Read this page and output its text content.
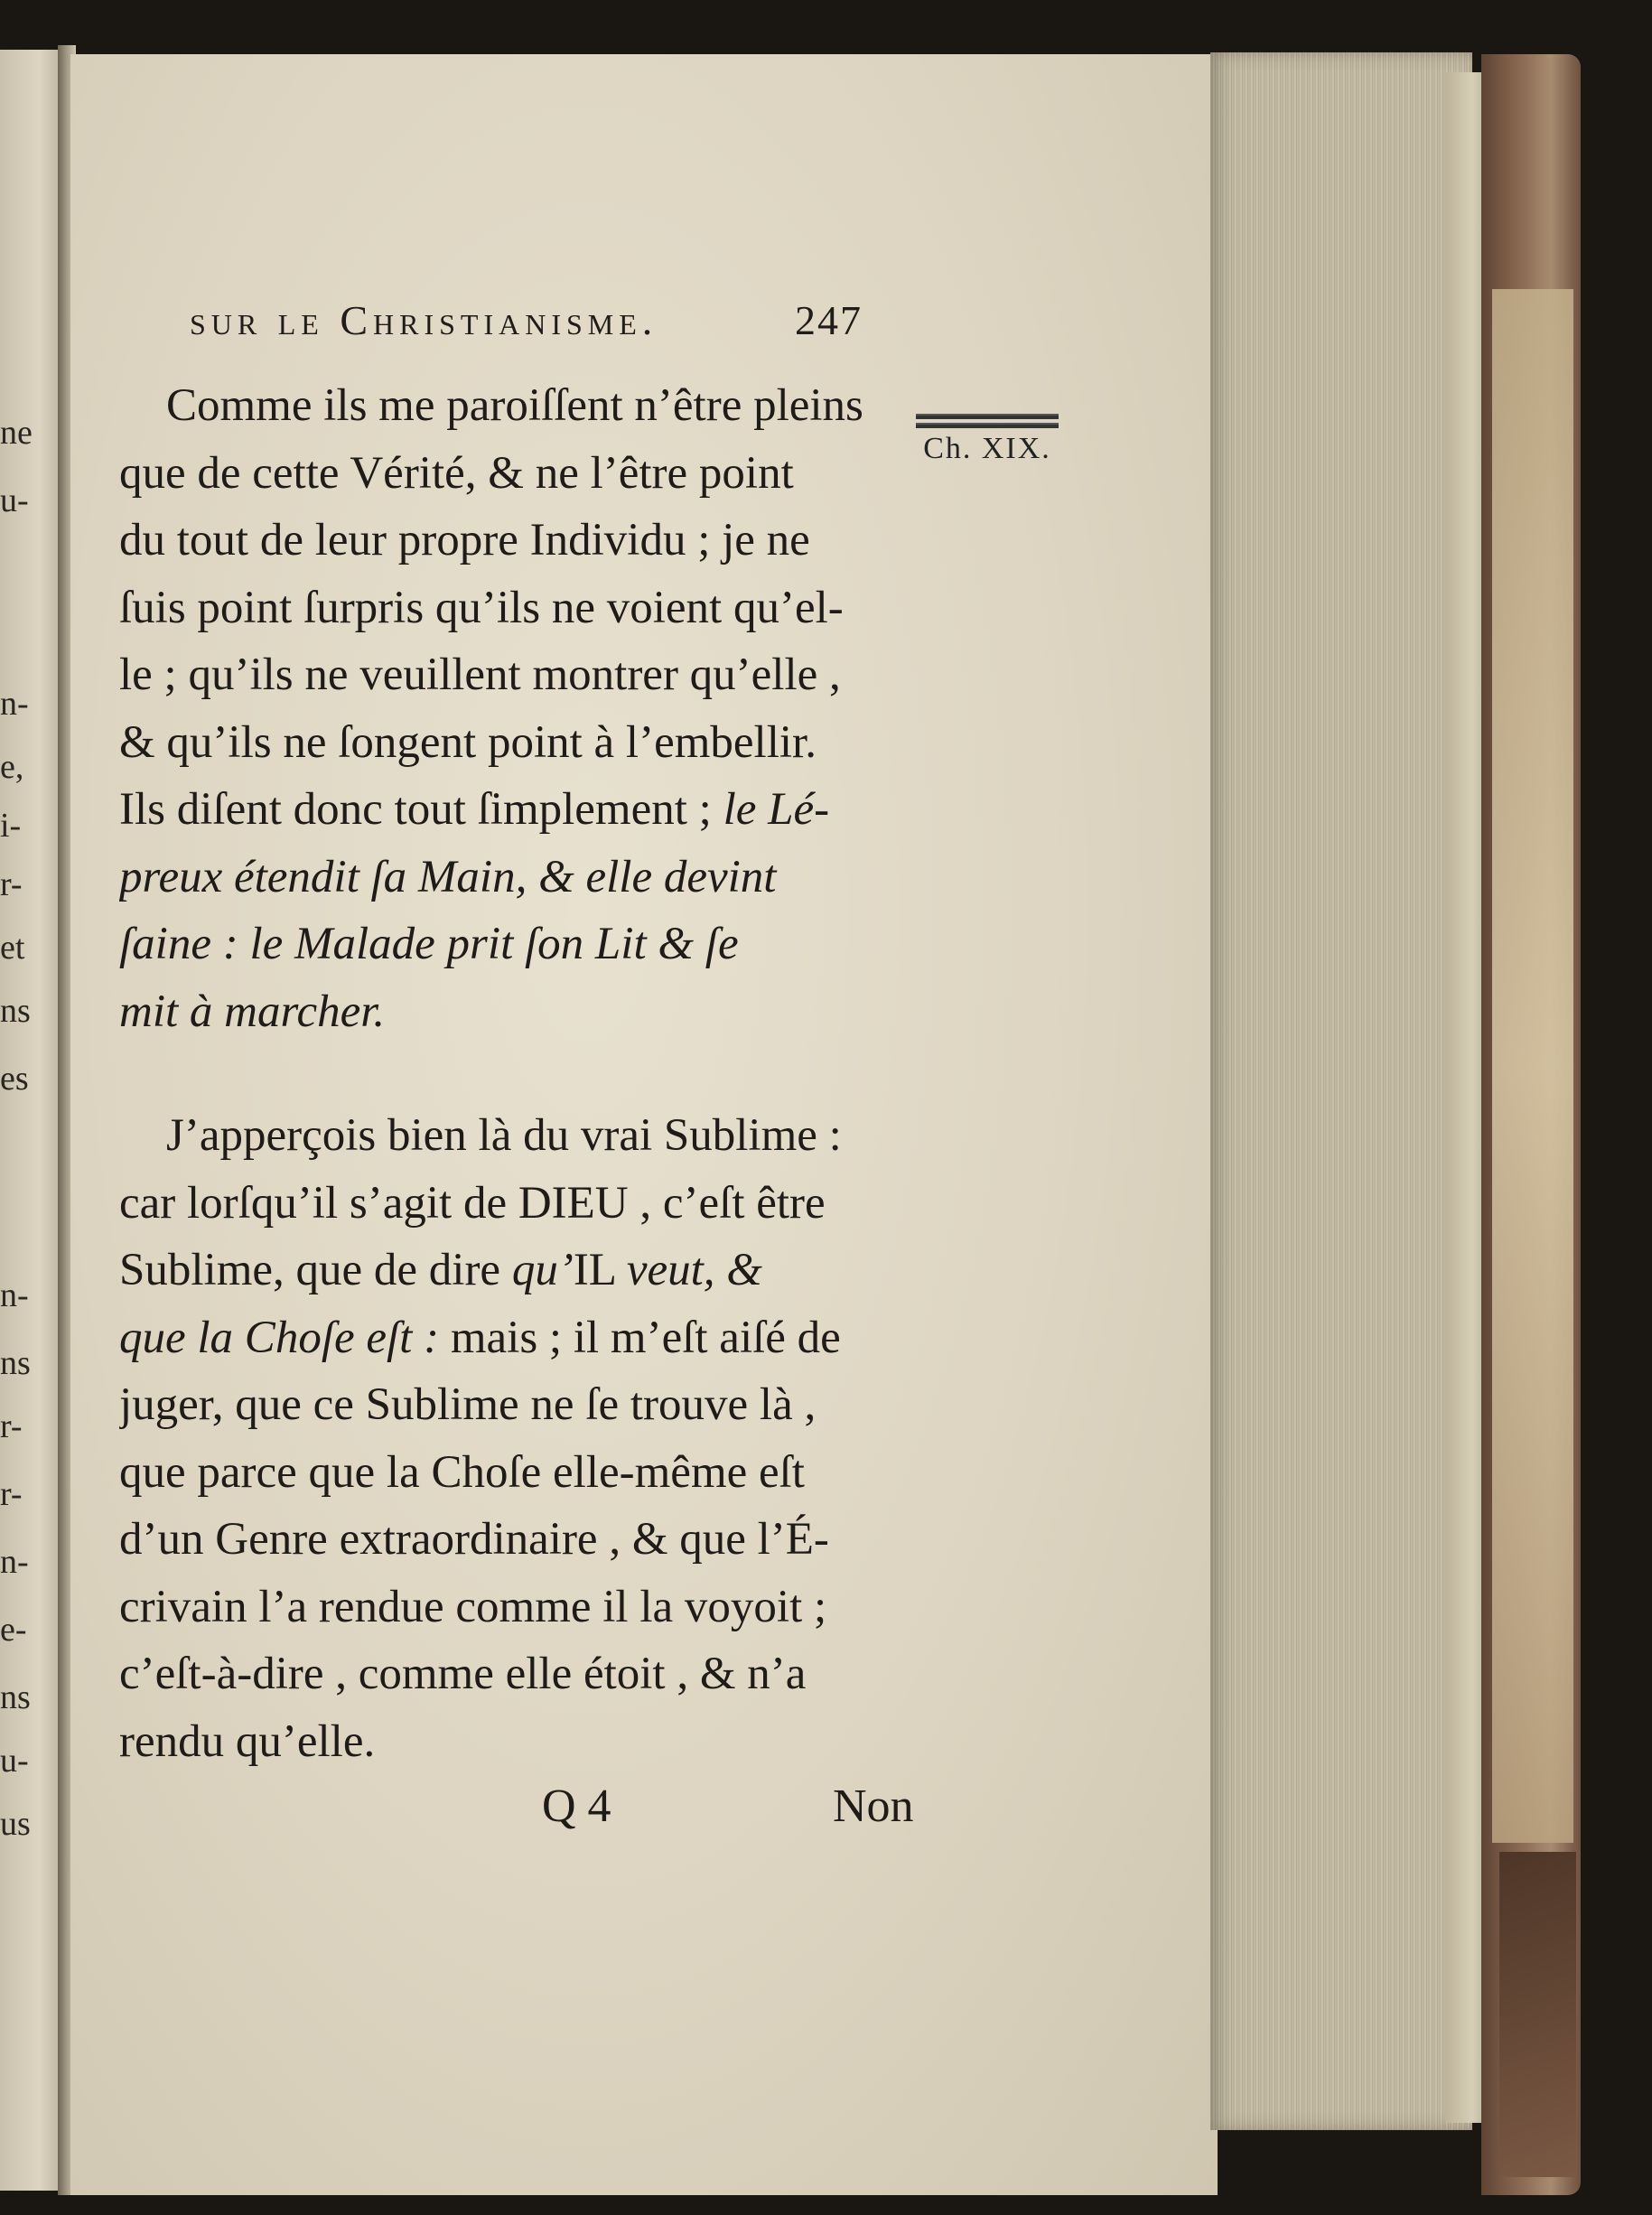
ne
u-
n-
e,
i-
r-
et
ns
es
n-
ns
r-
r-
n-
e-
ns
u-
us
sur le Christianisme.	247
Ch. XIX.
Comme ils me paroiſſent n’être pleins
que de cette Vérité, & ne l’être point
du tout de leur propre Individu ; je ne
ſuis point ſurpris qu’ils ne voient qu’el-
le ; qu’ils ne veuillent montrer qu’elle ,
& qu’ils ne ſongent point à l’embellir.
Ils diſent donc tout ſimplement ; le Lé-
preux étendit ſa Main, & elle devint
ſaine : le Malade prit ſon Lit & ſe
mit à marcher.
J’apperçois bien là du vrai Sublime :
car lorſqu’il s’agit de DIEU , c’eſt être
Sublime, que de dire qu’IL veut, &
que la Choſe eſt : mais ; il m’eſt aiſé de
juger, que ce Sublime ne ſe trouve là ,
que parce que la Choſe elle-même eſt
d’un Genre extraordinaire , & que l’É-
crivain l’a rendue comme il la voyoit ;
c’eſt-à-dire , comme elle étoit , & n’a
rendu qu’elle.
Q 4	Non
